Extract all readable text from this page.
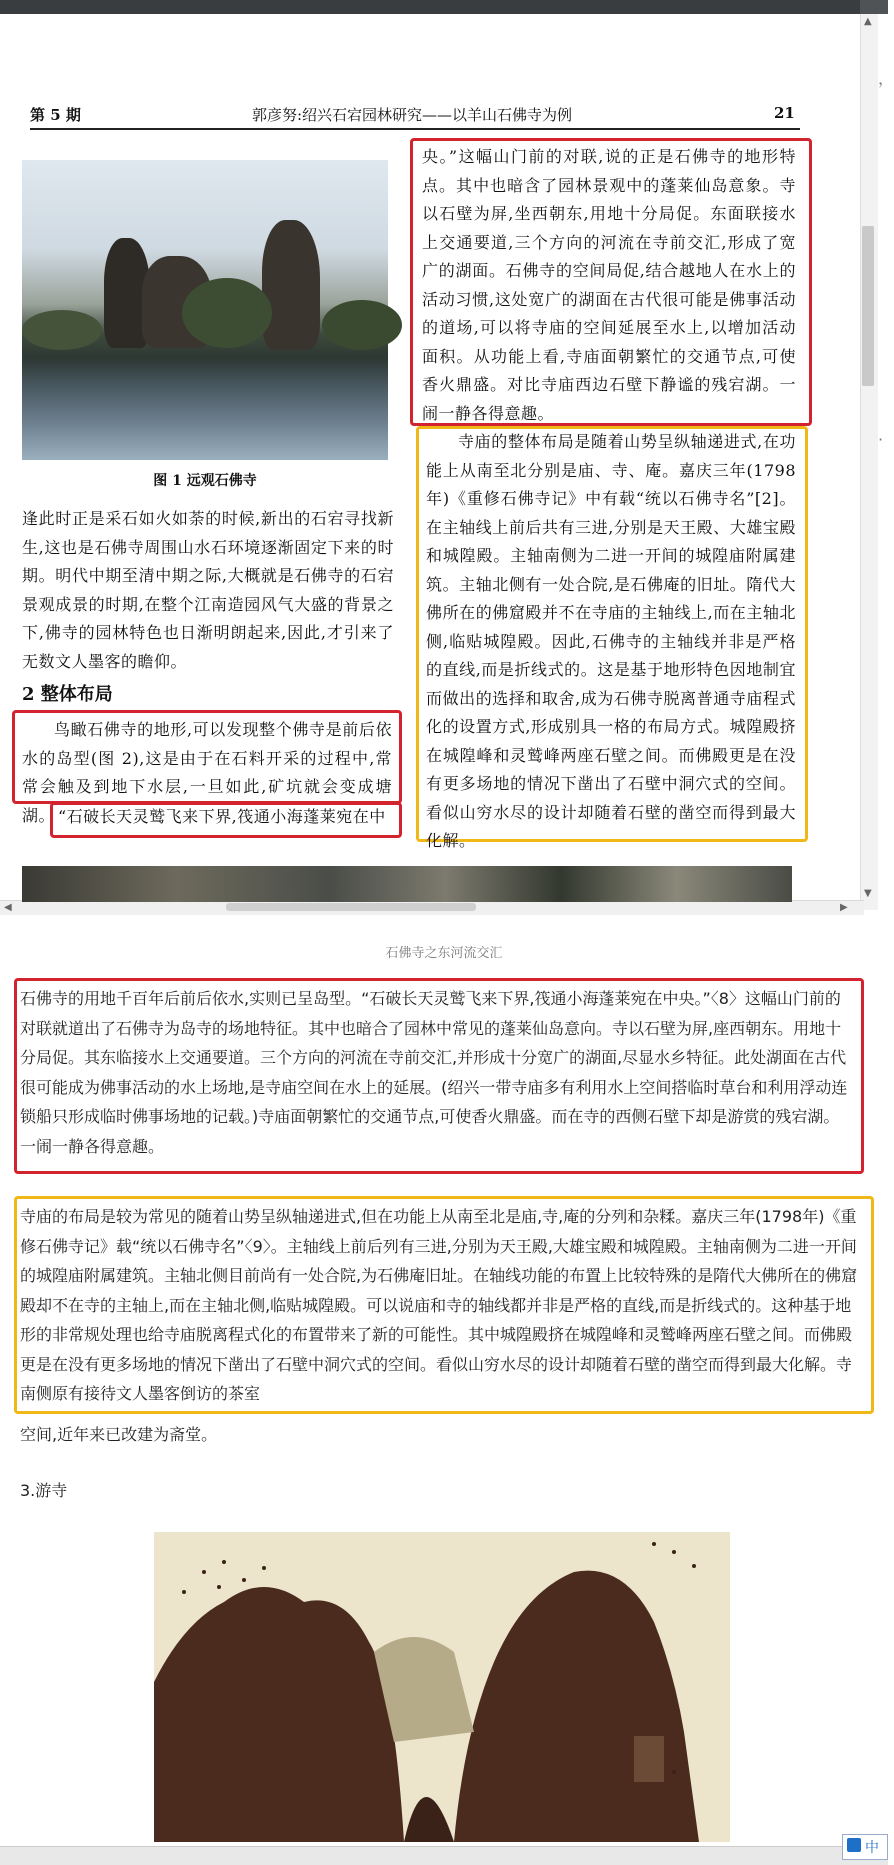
▲
▼
◀	▶
第 5 期	郭彦努:绍兴石宕园林研究——以羊山石佛寺为例	21
图 1 远观石佛寺
逢此时正是采石如火如荼的时候,新出的石宕寻找新生,这也是石佛寺周围山水石环境逐渐固定下来的时期。明代中期至清中期之际,大概就是石佛寺的石宕景观成景的时期,在整个江南造园风气大盛的背景之下,佛寺的园林特色也日渐明朗起来,因此,才引来了无数文人墨客的瞻仰。
2 整体布局
鸟瞰石佛寺的地形,可以发现整个佛寺是前后依水的岛型(图 2),这是由于在石料开采的过程中,常常会触及到地下水层,一旦如此,矿坑就会变成塘湖。 “石破长天灵鹫飞来下界,筏通小海蓬莱宛在中
央。”这幅山门前的对联,说的正是石佛寺的地形特点。其中也暗含了园林景观中的蓬莱仙岛意象。寺以石壁为屏,坐西朝东,用地十分局促。东面联接水上交通要道,三个方向的河流在寺前交汇,形成了宽广的湖面。石佛寺的空间局促,结合越地人在水上的活动习惯,这处宽广的湖面在古代很可能是佛事活动的道场,可以将寺庙的空间延展至水上,以增加活动面积。从功能上看,寺庙面朝繁忙的交通节点,可使香火鼎盛。对比寺庙西边石壁下静谧的残宕湖。一闹一静各得意趣。
寺庙的整体布局是随着山势呈纵轴递进式,在功能上从南至北分别是庙、寺、庵。嘉庆三年(1798年)《重修石佛寺记》中有载“统以石佛寺名”[2]。在主轴线上前后共有三进,分别是天王殿、大雄宝殿和城隍殿。主轴南侧为二进一开间的城隍庙附属建筑。主轴北侧有一处合院,是石佛庵的旧址。隋代大佛所在的佛窟殿并不在寺庙的主轴线上,而在主轴北侧,临贴城隍殿。因此,石佛寺的主轴线并非是严格的直线,而是折线式的。这是基于地形特色因地制宜而做出的选择和取舍,成为石佛寺脱离普通寺庙程式化的设置方式,形成别具一格的布局方式。城隍殿挤在城隍峰和灵鹫峰两座石壁之间。而佛殿更是在没有更多场地的情况下凿出了石壁中洞穴式的空间。看似山穷水尽的设计却随着石壁的凿空而得到最大化解。
，
·
石佛寺之东河流交汇
石佛寺的用地千百年后前后依水,实则已呈岛型。“石破长天灵鹫飞来下界,筏通小海蓬莱宛在中央。”〈8〉这幅山门前的对联就道出了石佛寺为岛寺的场地特征。其中也暗合了园林中常见的蓬莱仙岛意向。寺以石壁为屏,座西朝东。用地十分局促。其东临接水上交通要道。三个方向的河流在寺前交汇,并形成十分宽广的湖面,尽显水乡特征。此处湖面在古代很可能成为佛事活动的水上场地,是寺庙空间在水上的延展。(绍兴一带寺庙多有利用水上空间搭临时草台和利用浮动连锁船只形成临时佛事场地的记载。)寺庙面朝繁忙的交通节点,可使香火鼎盛。而在寺的西侧石壁下却是游赏的残宕湖。一闹一静各得意趣。
寺庙的布局是较为常见的随着山势呈纵轴递进式,但在功能上从南至北是庙,寺,庵的分列和杂糅。嘉庆三年(1798年)《重修石佛寺记》载“统以石佛寺名”〈9〉。主轴线上前后列有三进,分别为天王殿,大雄宝殿和城隍殿。主轴南侧为二进一开间的城隍庙附属建筑。主轴北侧目前尚有一处合院,为石佛庵旧址。在轴线功能的布置上比较特殊的是隋代大佛所在的佛窟殿却不在寺的主轴上,而在主轴北侧,临贴城隍殿。可以说庙和寺的轴线都并非是严格的直线,而是折线式的。这种基于地形的非常规处理也给寺庙脱离程式化的布置带来了新的可能性。其中城隍殿挤在城隍峰和灵鹫峰两座石壁之间。而佛殿更是在没有更多场地的情况下凿出了石壁中洞穴式的空间。看似山穷水尽的设计却随着石壁的凿空而得到最大化解。寺南侧原有接待文人墨客倒访的茶室
空间,近年来已改建为斋堂。
3.游寺
中
